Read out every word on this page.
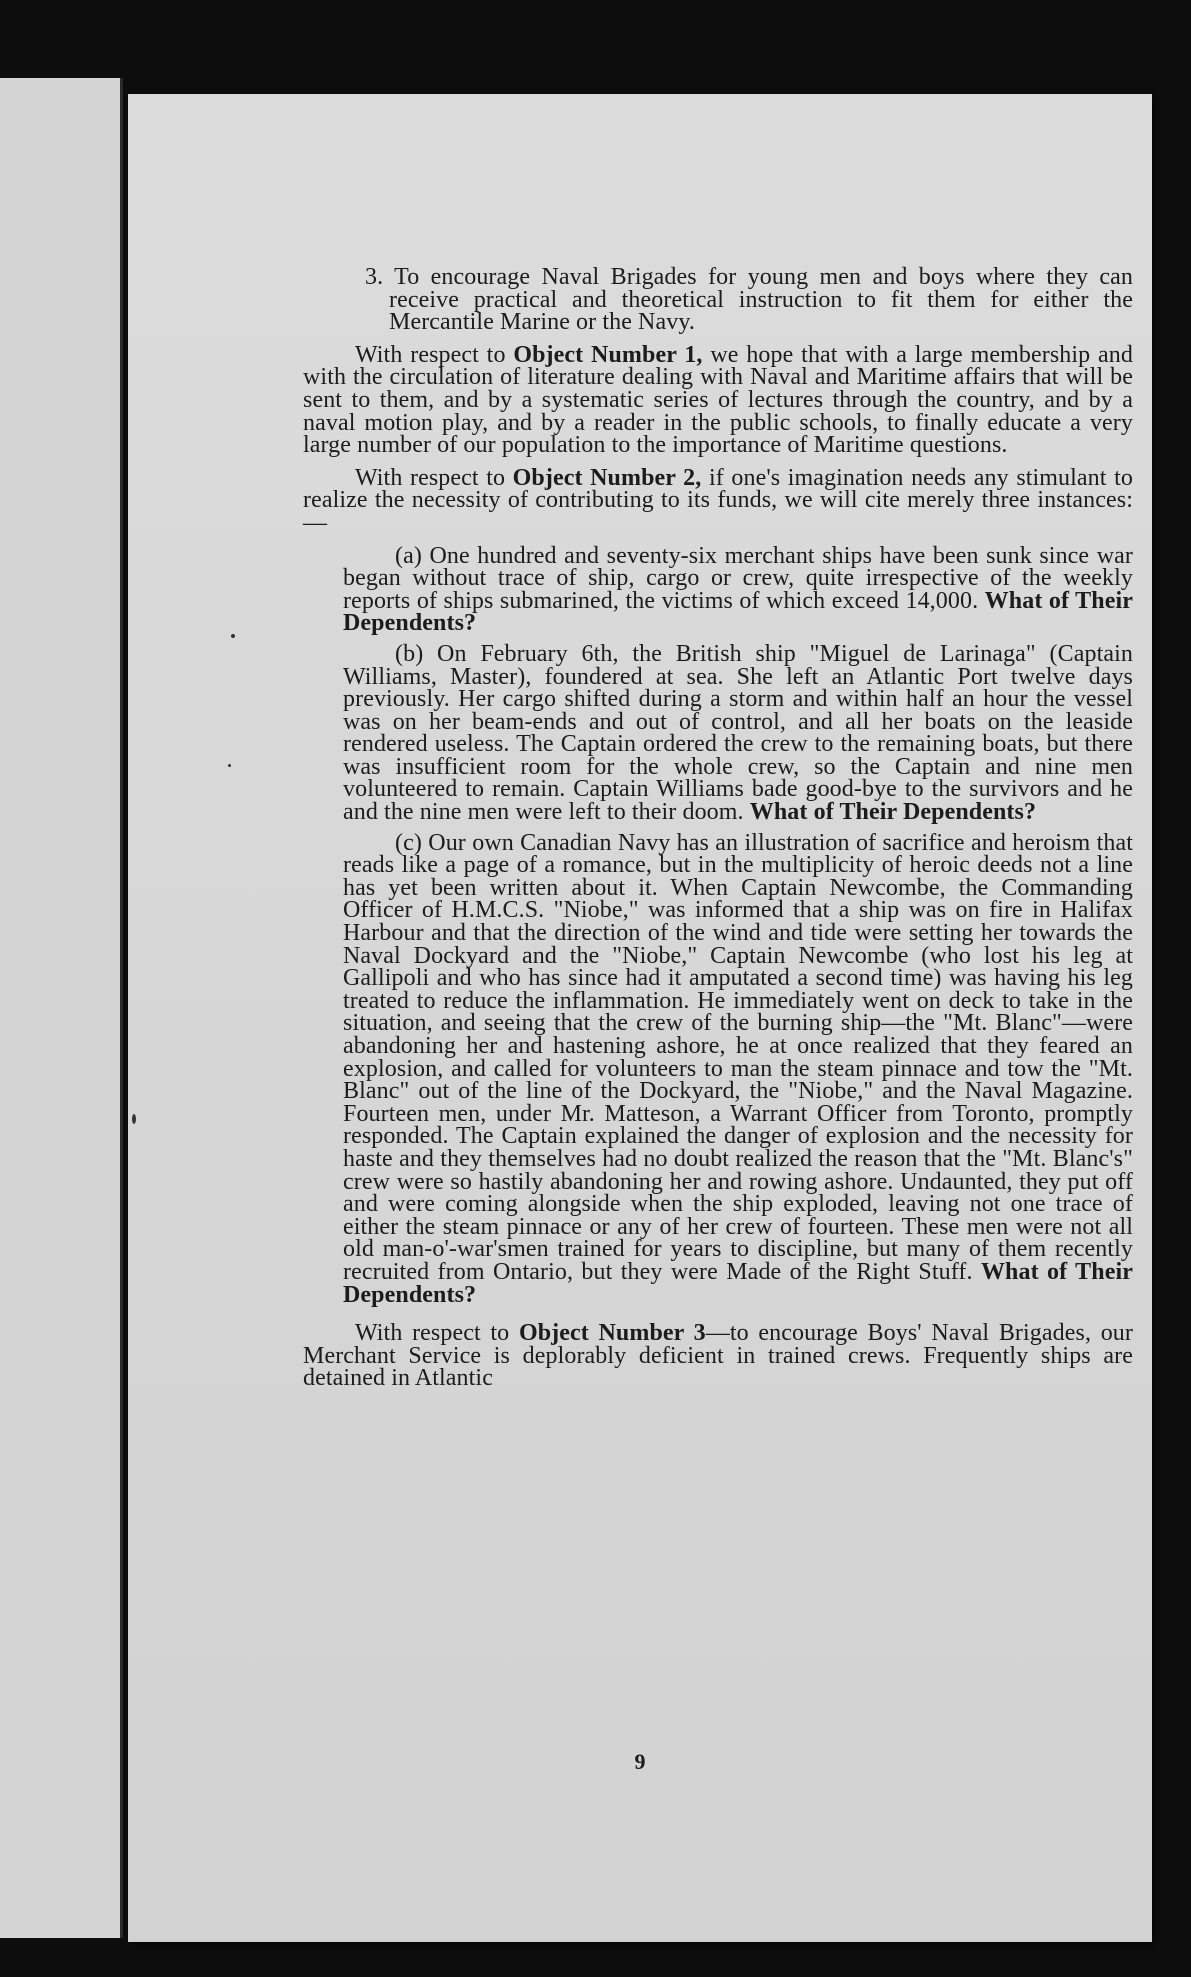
3. To encourage Naval Brigades for young men and boys where they can receive practical and theoretical instruction to fit them for either the Mercantile Marine or the Navy.

With respect to Object Number 1, we hope that with a large membership and with the circulation of literature dealing with Naval and Maritime affairs that will be sent to them, and by a systematic series of lectures through the country, and by a naval motion play, and by a reader in the public schools, to finally educate a very large number of our population to the importance of Maritime questions.

With respect to Object Number 2, if one's imagination needs any stimulant to realize the necessity of contributing to its funds, we will cite merely three instances:—

(a) One hundred and seventy-six merchant ships have been sunk since war began without trace of ship, cargo or crew, quite irrespective of the weekly reports of ships submarined, the victims of which exceed 14,000. What of Their Dependents?

(b) On February 6th, the British ship "Miguel de Larinaga" (Captain Williams, Master), foundered at sea. She left an Atlantic Port twelve days previously. Her cargo shifted during a storm and within half an hour the vessel was on her beam-ends and out of control, and all her boats on the leaside rendered useless. The Captain ordered the crew to the remaining boats, but there was insufficient room for the whole crew, so the Captain and nine men volunteered to remain. Captain Williams bade good-bye to the survivors and he and the nine men were left to their doom. What of Their Dependents?

(c) Our own Canadian Navy has an illustration of sacrifice and heroism that reads like a page of a romance, but in the multiplicity of heroic deeds not a line has yet been written about it. When Captain Newcombe, the Commanding Officer of H.M.C.S. "Niobe," was informed that a ship was on fire in Halifax Harbour and that the direction of the wind and tide were setting her towards the Naval Dockyard and the "Niobe," Captain Newcombe (who lost his leg at Gallipoli and who has since had it amputated a second time) was having his leg treated to reduce the inflammation. He immediately went on deck to take in the situation, and seeing that the crew of the burning ship—the "Mt. Blanc"—were abandoning her and hastening ashore, he at once realized that they feared an explosion, and called for volunteers to man the steam pinnace and tow the "Mt. Blanc" out of the line of the Dockyard, the "Niobe," and the Naval Magazine. Fourteen men, under Mr. Matteson, a Warrant Officer from Toronto, promptly responded. The Captain explained the danger of explosion and the necessity for haste and they themselves had no doubt realized the reason that the "Mt. Blanc's" crew were so hastily abandoning her and rowing ashore. Undaunted, they put off and were coming alongside when the ship exploded, leaving not one trace of either the steam pinnace or any of her crew of fourteen. These men were not all old man-o'-war'smen trained for years to discipline, but many of them recently recruited from Ontario, but they were Made of the Right Stuff. What of Their Dependents?

With respect to Object Number 3—to encourage Boys' Naval Brigades, our Merchant Service is deplorably deficient in trained crews. Frequently ships are detained in Atlantic

9
